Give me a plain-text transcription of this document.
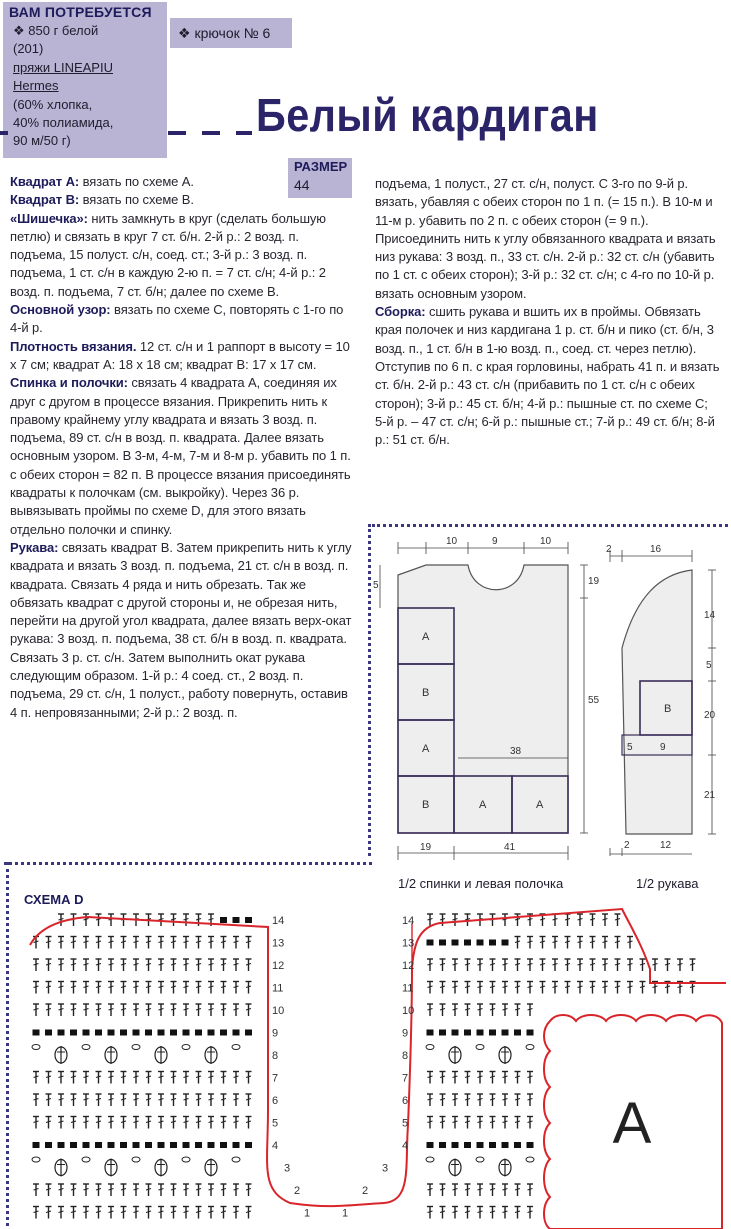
ВАМ ПОТРЕБУЕТСЯ
❖ 850 г белой
(201)
пряжи LINEAPIU
Hermes
(60% хлопка,
40% полиамида,
90 м/50 г)
❖ крючок № 6
Белый кардиган
РАЗМЕР
44

Квадрат А: вязать по схеме А.

Квадрат В: вязать по схеме В.

«Шишечка»: нить замкнуть в круг (сделать большую петлю) и связать в круг 7 ст. б/н. 2-й р.: 2 возд. п. подъема, 15 полуст. с/н, соед. ст.; 3-й р.: 3 возд. п. подъема, 1 ст. с/н в каждую 2-ю п. = 7 ст. с/н; 4-й р.: 2 возд. п. подъема, 7 ст. б/н; далее по схеме В.

Основной узор: вязать по схеме С, повторять с 1-го по 4-й р.

Плотность вязания. 12 ст. с/н и 1 раппорт в высоту = 10 х 7 см; квадрат А: 18 х 18 см; квадрат В: 17 х 17 см.

Спинка и полочки: связать 4 квадрата А, соединяя их друг с другом в процессе вязания. Прикрепить нить к правому крайнему углу квадрата и вязать 3 возд. п. подъема, 89 ст. с/н в возд. п. квадрата. Далее вязать основным узором. В 3-м, 4-м, 7-м и 8-м р. убавить по 1 п. с обеих сторон = 82 п. В процессе вязания присоединять квадраты к полочкам (см. выкройку). Через 36 р. вывязывать проймы по схеме D, для этого вязать отдельно полочки и спинку.

Рукава: связать квадрат В. Затем прикрепить нить к углу квадрата и вязать 3 возд. п. подъема, 21 ст. с/н в возд. п. квадрата. Связать 4 ряда и нить обрезать. Так же обвязать квадрат с другой стороны и, не обрезая нить, перейти на другой угол квадрата, далее вязать верх-окат рукава: 3 возд. п. подъема, 38 ст. б/н в возд. п. квадрата. Связать 3 р. ст. с/н. Затем выполнить окат рукава следующим образом. 1-й р.: 4 соед. ст., 2 возд. п. подъема, 29 ст. с/н, 1 полуст., работу повернуть, оставив 4 п. непровязанными; 2-й р.: 2 возд. п.

подъема, 1 полуст., 27 ст. с/н, полуст. С 3-го по 9-й р. вязать, убавляя с обеих сторон по 1 п. (= 15 п.). В 10-м и 11-м р. убавить по 2 п. с обеих сторон (= 9 п.). Присоединить нить к углу обвязанного квадрата и вязать низ рукава: 3 возд. п., 33 ст. с/н. 2-й р.: 32 ст. с/н (убавить по 1 ст. с обеих сторон); 3-й р.: 32 ст. с/н; с 4-го по 10-й р. вязать основным узором.

Сборка: сшить рукава и вшить их в проймы. Обвязать края полочек и низ кардигана 1 р. ст. б/н и пико (ст. б/н, 3 возд. п., 1 ст. б/н в 1-ю возд. п., соед. ст. через петлю). Отступив по 6 п. с края горловины, набрать 41 п. и вязать ст. б/н. 2-й р.: 43 ст. с/н (прибавить по 1 ст. с/н с обеих сторон); 3-й р.: 45 ст. б/н; 4-й р.: пышные ст. по схеме С; 5-й р. – 47 ст. с/н; 6-й р.: пышные ст.; 7-й р.: 49 ст. б/н; 8-й р.: 51 ст. б/н.

A
B
A
B	A	A
10	9	10
5	19
55
38
19	41
1/2 спинки и левая полочка
B
2	16
14
5
20
21
5	9
2	12
1/2 рукава
СХЕМА D
A
14
13
12
11
10
9
8
7
6
5
4
3
2
1
14
13
12
11
10
9
8
7
6
5
4
3
2
1
